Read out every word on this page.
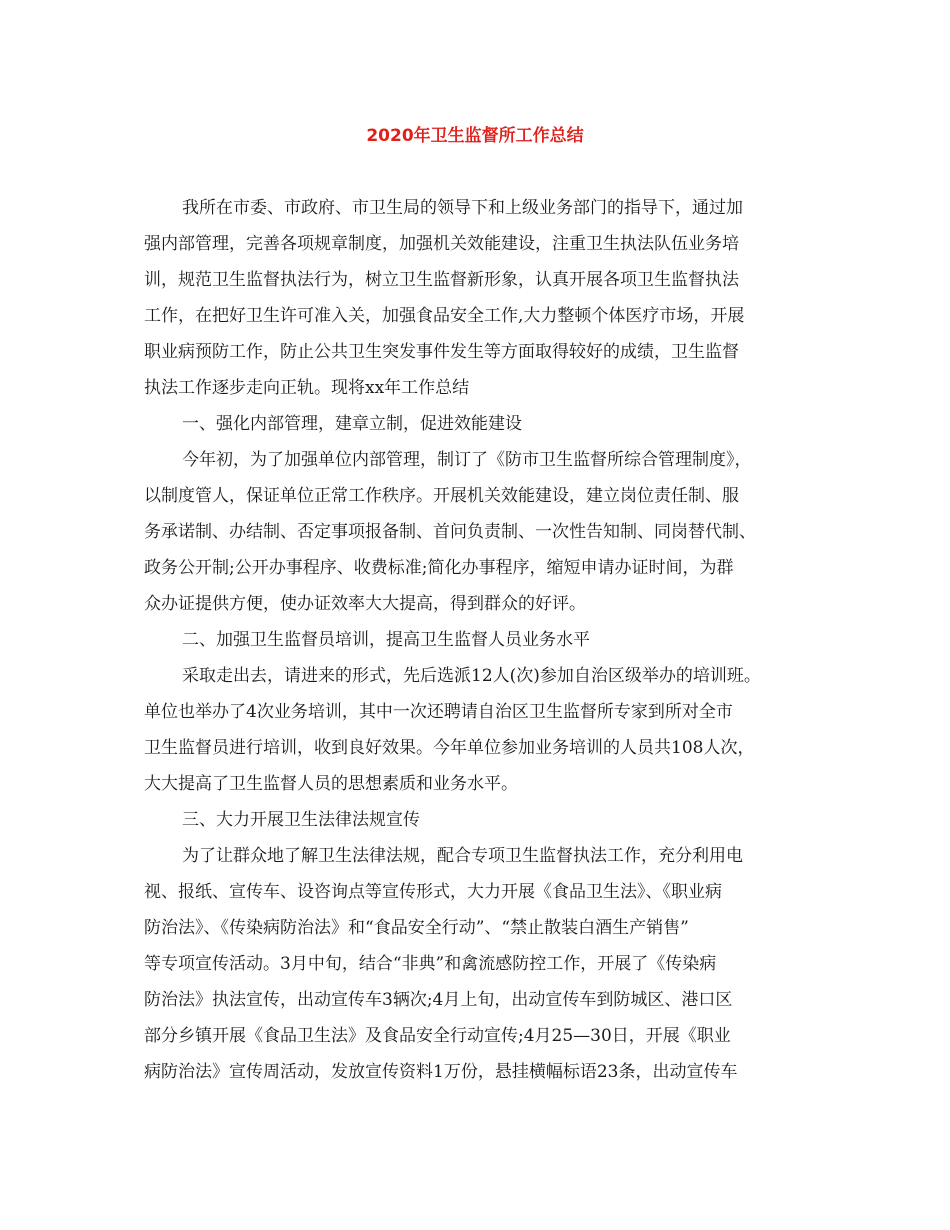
2020年卫生监督所工作总结

我所在市委、市政府、市卫生局的领导下和上级业务部门的指导下，通过加

强内部管理，完善各项规章制度，加强机关效能建设，注重卫生执法队伍业务培

训，规范卫生监督执法行为，树立卫生监督新形象，认真开展各项卫生监督执法

工作，在把好卫生许可准入关，加强食品安全工作,大力整顿个体医疗市场，开展

职业病预防工作，防止公共卫生突发事件发生等方面取得较好的成绩，卫生监督

执法工作逐步走向正轨。现将xx年工作总结

一、强化内部管理，建章立制，促进效能建设

今年初，为了加强单位内部管理，制订了《防市卫生监督所综合管理制度》，

以制度管人，保证单位正常工作秩序。开展机关效能建设，建立岗位责任制、服

务承诺制、办结制、否定事项报备制、首问负责制、一次性告知制、同岗替代制、

政务公开制;公开办事程序、收费标准;简化办事程序，缩短申请办证时间，为群

众办证提供方便，使办证效率大大提高，得到群众的好评。

二、加强卫生监督员培训，提高卫生监督人员业务水平

采取走出去，请进来的形式，先后选派12人(次)参加自治区级举办的培训班。

单位也举办了4次业务培训，其中一次还聘请自治区卫生监督所专家到所对全市

卫生监督员进行培训，收到良好效果。今年单位参加业务培训的人员共108人次，

大大提高了卫生监督人员的思想素质和业务水平。

三、大力开展卫生法律法规宣传

为了让群众地了解卫生法律法规，配合专项卫生监督执法工作，充分利用电

视、报纸、宣传车、设咨询点等宣传形式，大力开展《食品卫生法》、《职业病

防治法》、《传染病防治法》和“食品安全行动”、“禁止散装白酒生产销售”

等专项宣传活动。3月中旬，结合“非典”和禽流感防控工作，开展了《传染病

防治法》执法宣传，出动宣传车3辆次;4月上旬，出动宣传车到防城区、港口区

部分乡镇开展《食品卫生法》及食品安全行动宣传;4月25—30日，开展《职业

病防治法》宣传周活动，发放宣传资料1万份，悬挂横幅标语23条，出动宣传车
